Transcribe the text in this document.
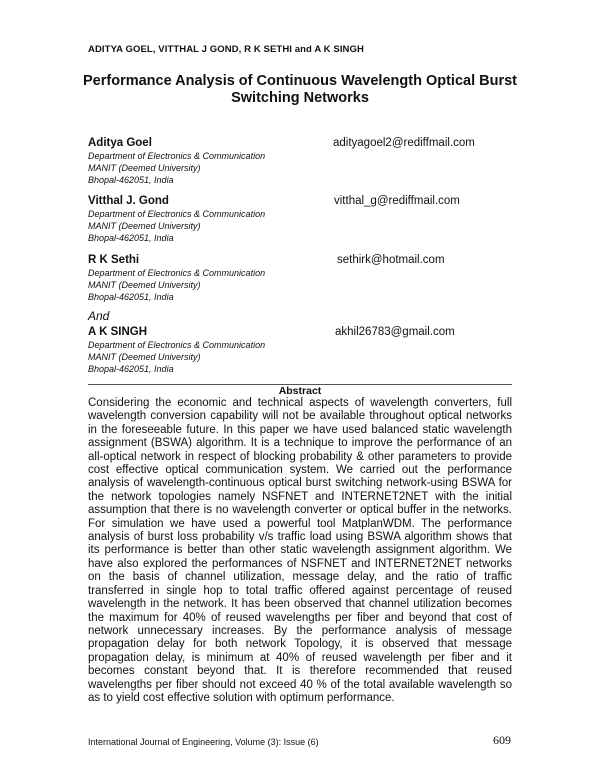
ADITYA GOEL, VITTHAL J GOND, R K SETHI and A K SINGH
Performance Analysis of Continuous Wavelength Optical Burst Switching Networks
Aditya Goel	adityagoel2@rediffmail.com
Department of Electronics & Communication
MANIT (Deemed University)
Bhopal-462051, India
Vitthal J. Gond	vitthal_g@rediffmail.com
Department of Electronics & Communication
MANIT (Deemed University)
Bhopal-462051, India
R K Sethi	sethirk@hotmail.com
Department of Electronics & Communication
MANIT (Deemed University)
Bhopal-462051, India
And
A K SINGH	akhil26783@gmail.com
Department of Electronics & Communication
MANIT (Deemed University)
Bhopal-462051, India
Abstract
Considering the economic and technical aspects of wavelength converters, full wavelength conversion capability will not be available throughout optical networks in the foreseeable future. In this paper we have used balanced static wavelength assignment (BSWA) algorithm. It is a technique to improve the performance of an all-optical network in respect of blocking probability & other parameters to provide cost effective optical communication system. We carried out the performance analysis of wavelength-continuous optical burst switching network-using BSWA for the network topologies namely NSFNET and INTERNET2NET with the initial assumption that there is no wavelength converter or optical buffer in the networks. For simulation we have used a powerful tool MatplanWDM. The performance analysis of burst loss probability v/s traffic load using BSWA algorithm shows that its performance is better than other static wavelength assignment algorithm. We have also explored the performances of NSFNET and INTERNET2NET networks on the basis of channel utilization, message delay, and the ratio of traffic transferred in single hop to total traffic offered against percentage of reused wavelength in the network. It has been observed that channel utilization becomes the maximum for 40% of reused wavelengths per fiber and beyond that cost of network unnecessary increases. By the performance analysis of message propagation delay for both network Topology, it is observed that message propagation delay, is minimum at 40% of reused wavelength per fiber and it becomes constant beyond that. It is therefore recommended that reused wavelengths per fiber should not exceed 40 % of the total available wavelength so as to yield cost effective solution with optimum performance.
International Journal of Engineering, Volume (3): Issue (6)	609
